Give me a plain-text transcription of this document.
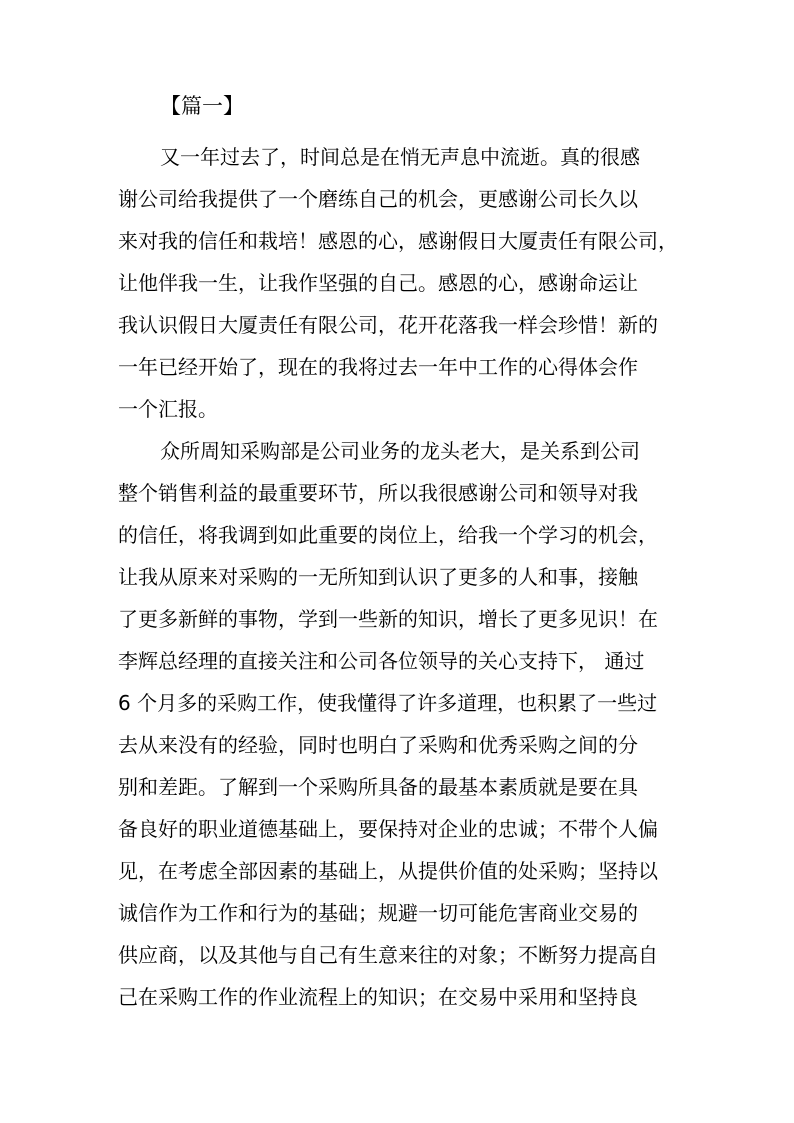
【篇一】
又一年过去了，时间总是在悄无声息中流逝。真的很感
谢公司给我提供了一个磨练自己的机会，更感谢公司长久以
来对我的信任和栽培！感恩的心，感谢假日大厦责任有限公司，
让他伴我一生，让我作坚强的自己。感恩的心，感谢命运让
我认识假日大厦责任有限公司，花开花落我一样会珍惜！新的
一年已经开始了，现在的我将过去一年中工作的心得体会作
一个汇报。
众所周知采购部是公司业务的龙头老大，是关系到公司
整个销售利益的最重要环节，所以我很感谢公司和领导对我
的信任，将我调到如此重要的岗位上，给我一个学习的机会，
让我从原来对采购的一无所知到认识了更多的人和事，接触
了更多新鲜的事物，学到一些新的知识，增长了更多见识！在
李辉总经理的直接关注和公司各位领导的关心支持下， 通过
6 个月多的采购工作，使我懂得了许多道理，也积累了一些过
去从来没有的经验，同时也明白了采购和优秀采购之间的分
别和差距。了解到一个采购所具备的最基本素质就是要在具
备良好的职业道德基础上，要保持对企业的忠诚；不带个人偏
见，在考虑全部因素的基础上，从提供价值的处采购；坚持以
诚信作为工作和行为的基础；规避一切可能危害商业交易的
供应商，以及其他与自己有生意来往的对象；不断努力提高自
己在采购工作的作业流程上的知识；在交易中采用和坚持良
